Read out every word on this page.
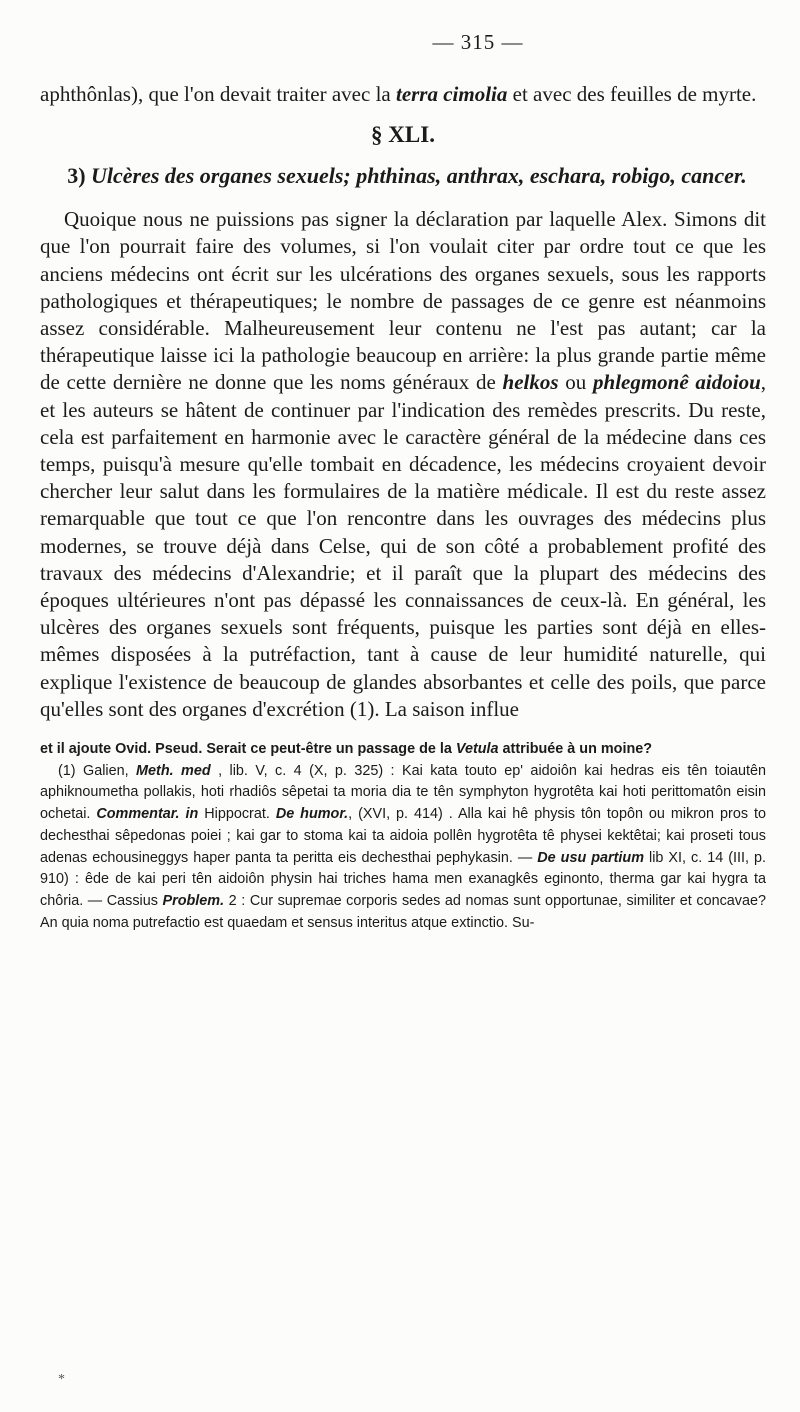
— 315 —

aphthônlas), que l'on devait traiter avec la terra cimolia et avec des feuilles de myrte.

§ XLI.

3) Ulcères des organes sexuels; phthinas, anthrax, eschara, robigo, cancer.

Quoique nous ne puissions pas signer la déclaration par laquelle Alex. Simons dit que l'on pourrait faire des volumes, si l'on voulait citer par ordre tout ce que les anciens médecins ont écrit sur les ulcérations des organes sexuels, sous les rapports pathologiques et thérapeutiques; le nombre de passages de ce genre est néanmoins assez considérable. Malheureusement leur contenu ne l'est pas autant; car la thérapeutique laisse ici la pathologie beaucoup en arrière: la plus grande partie même de cette dernière ne donne que les noms généraux de helkos ou phlegmonê aidoiou, et les auteurs se hâtent de continuer par l'indication des remèdes prescrits. Du reste, cela est parfaitement en harmonie avec le caractère général de la médecine dans ces temps, puisqu'à mesure qu'elle tombait en décadence, les médecins croyaient devoir chercher leur salut dans les formulaires de la matière médicale. Il est du reste assez remarquable que tout ce que l'on rencontre dans les ouvrages des médecins plus modernes, se trouve déjà dans Celse, qui de son côté a probablement profité des travaux des médecins d'Alexandrie; et il paraît que la plupart des médecins des époques ultérieures n'ont pas dépassé les connaissances de ceux-là. En général, les ulcères des organes sexuels sont fréquents, puisque les parties sont déjà en elles-mêmes disposées à la putréfaction, tant à cause de leur humidité naturelle, qui explique l'existence de beaucoup de glandes absorbantes et celle des poils, que parce qu'elles sont des organes d'excrétion (1). La saison influe

et il ajoute Ovid. Pseud. Serait ce peut-être un passage de la Vetula attribuée à un moine?

(1) Galien, Meth. med , lib. V, c. 4 (X, p. 325) : Kai kata touto ep' aidoiôn kai hedras eis tên toiautên aphiknoumetha pollakis, hoti rhadiôs sêpetai ta moria dia te tên symphyton hygrotêta kai hoti perittomatôn eisin ochetai. Commentar. in Hippocrat. De humor., (XVI, p. 414) . Alla kai hê physis tôn topôn ou mikron pros to dechesthai sêpedonas poiei ; kai gar to stoma kai ta aidoia pollên hygrotêta tê physei kektêtai; kai proseti tous adenas echousineggys haper panta ta peritta eis dechesthai pephykasin. — De usu partium lib XI, c. 14 (III, p. 910) : êde de kai peri tên aidoiôn physin hai triches hama men exanagkês eginonto, therma gar kai hygra ta chôria. — Cassius Problem. 2 : Cur supremae corporis sedes ad nomas sunt opportunae, similiter et concavae? An quia noma putrefactio est quaedam et sensus interitus atque extinctio. Su-

*
